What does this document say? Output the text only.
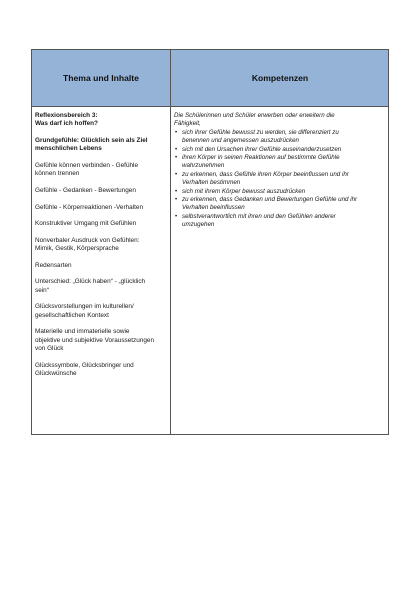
Thema und Inhalte	Kompetenzen

Reflexionsbereich 3:
Was darf ich hoffen?

Grundgefühle: Glücklich sein als Ziel
menschlichen Lebens

Gefühle können verbinden - Gefühle
können trennen

Gefühle - Gedanken - Bewertungen

Gefühle - Körperreaktionen -Verhalten

Konstruktiver Umgang mit Gefühlen

Nonverbaler Ausdruck von Gefühlen:
Mimik, Gestik, Körpersprache

Redensarten

Unterschied: „Glück haben“ - „glücklich
sein“

Glücksvorstellungen im kulturellen/
gesellschaftlichen Kontext

Materielle und immaterielle sowie
objektive und subjektive Voraussetzungen
von Glück

Glückssymbole, Glücksbringer und
Glückwünsche

Die Schülerinnen und Schüler erwerben oder erweitern die
Fähigkeit,

• sich ihrer Gefühle bewusst zu werden, sie differenziert zu
benennen und angemessen auszudrücken
• sich mit den Ursachen ihrer Gefühle auseinanderzusetzen
• ihren Körper in seinen Reaktionen auf bestimmte Gefühle
wahrzunehmen
• zu erkennen, dass Gefühle ihren Körper beeinflussen und ihr
Verhalten bestimmen
• sich mit ihrem Körper bewusst auszudrücken
• zu erkennen, dass Gedanken und Bewertungen Gefühle und ihr
Verhalten beeinflussen
• selbstverantwortlich mit ihren und den Gefühlen anderer
umzugehen
